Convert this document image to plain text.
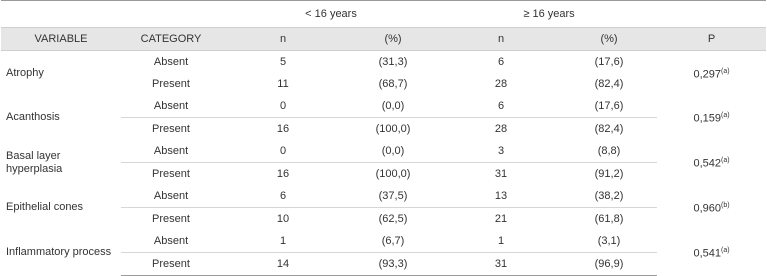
		< 16 years		≥ 16 years		
VARIABLE	CATEGORY	n	(%)	n	(%)	P
Atrophy	Absent	5	(31,3)	6	(17,6)	0,297$^{(a)}$
	Present	11	(68,7)	28	(82,4)	
Acanthosis	Absent	0	(0,0)	6	(17,6)	0,159$^{(a)}$
	Present	16	(100,0)	28	(82,4)	
Basal layer
hyperplasia	Absent	0	(0,0)	3	(8,8)	0,542$^{(a)}$
	Present	16	(100,0)	31	(91,2)	
Epithelial cones	Absent	6	(37,5)	13	(38,2)	0,960$^{(b)}$
	Present	10	(62,5)	21	(61,8)	
Inflammatory process	Absent	1	(6,7)	1	(3,1)	0,541$^{(a)}$
	Present	14	(93,3)	31	(96,9)	
